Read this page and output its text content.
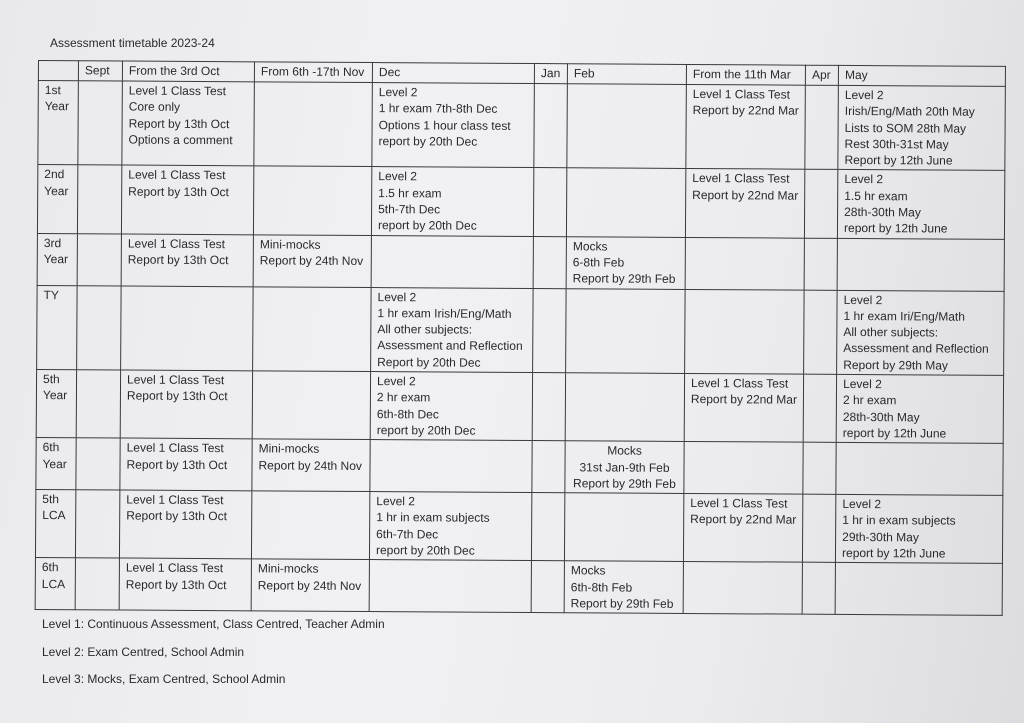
Assessment timetable 2023-24
	Sept	From the 3rd Oct	From 6th -17th Nov	Dec	Jan	Feb	From the 11th Mar	Apr	May
1st
Year		Level 1 Class Test
Core only
Report by 13th Oct
Options a comment		Level 2
1 hr exam 7th-8th Dec
Options 1 hour class test
report by 20th Dec			Level 1 Class Test
Report by 22nd Mar		Level 2
Irish/Eng/Math 20th May
Lists to SOM 28th May
Rest 30th-31st May
Report by 12th June
2nd
Year		Level 1 Class Test
Report by 13th Oct		Level 2
1.5 hr exam
5th-7th Dec
report by 20th Dec			Level 1 Class Test
Report by 22nd Mar		Level 2
1.5 hr exam
28th-30th May
report by 12th June
3rd
Year		Level 1 Class Test
Report by 13th Oct	Mini-mocks
Report by 24th Nov			Mocks
6-8th Feb
Report by 29th Feb			
TY				Level 2
1 hr exam Irish/Eng/Math
All other subjects:
Assessment and Reflection
Report by 20th Dec					Level 2
1 hr exam Iri/Eng/Math
All other subjects:
Assessment and Reflection
Report by 29th May
5th
Year		Level 1 Class Test
Report by 13th Oct		Level 2
2 hr exam
6th-8th Dec
report by 20th Dec			Level 1 Class Test
Report by 22nd Mar		Level 2
2 hr exam
28th-30th May
report by 12th June
6th
Year		Level 1 Class Test
Report by 13th Oct	Mini-mocks
Report by 24th Nov			Mocks
31st Jan-9th Feb
Report by 29th Feb			
5th
LCA		Level 1 Class Test
Report by 13th Oct		Level 2
1 hr in exam subjects
6th-7th Dec
report by 20th Dec			Level 1 Class Test
Report by 22nd Mar		Level 2
1 hr in exam subjects
29th-30th May
report by 12th June
6th
LCA		Level 1 Class Test
Report by 13th Oct	Mini-mocks
Report by 24th Nov			Mocks
6th-8th Feb
Report by 29th Feb			
Level 1: Continuous Assessment, Class Centred, Teacher Admin
Level 2: Exam Centred, School Admin
Level 3: Mocks, Exam Centred, School Admin
